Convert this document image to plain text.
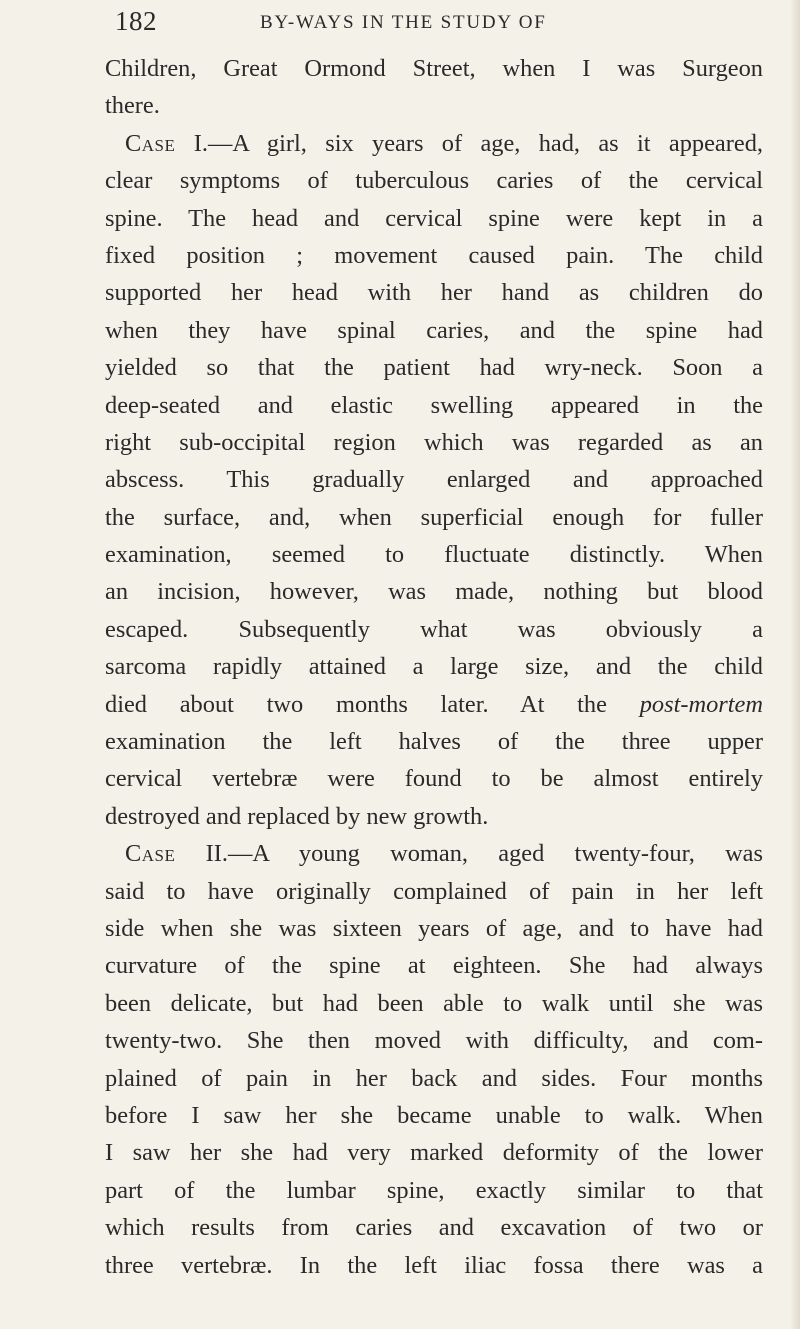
182	BY-WAYS IN THE STUDY OF
Children, Great Ormond Street, when I was Surgeon
there.
Case I.—A girl, six years of age, had, as it appeared,
clear symptoms of tuberculous caries of the cervical
spine. The head and cervical spine were kept in a
fixed position ; movement caused pain. The child
supported her head with her hand as children do
when they have spinal caries, and the spine had
yielded so that the patient had wry-neck. Soon a
deep-seated and elastic swelling appeared in the
right sub-occipital region which was regarded as an
abscess. This gradually enlarged and approached
the surface, and, when superficial enough for fuller
examination, seemed to fluctuate distinctly. When
an incision, however, was made, nothing but blood
escaped. Subsequently what was obviously a
sarcoma rapidly attained a large size, and the child
died about two months later. At the post-mortem
examination the left halves of the three upper
cervical vertebræ were found to be almost entirely
destroyed and replaced by new growth.
Case II.—A young woman, aged twenty-four, was
said to have originally complained of pain in her left
side when she was sixteen years of age, and to have had
curvature of the spine at eighteen. She had always
been delicate, but had been able to walk until she was
twenty-two. She then moved with difficulty, and com-
plained of pain in her back and sides. Four months
before I saw her she became unable to walk. When
I saw her she had very marked deformity of the lower
part of the lumbar spine, exactly similar to that
which results from caries and excavation of two or
three vertebræ. In the left iliac fossa there was a
